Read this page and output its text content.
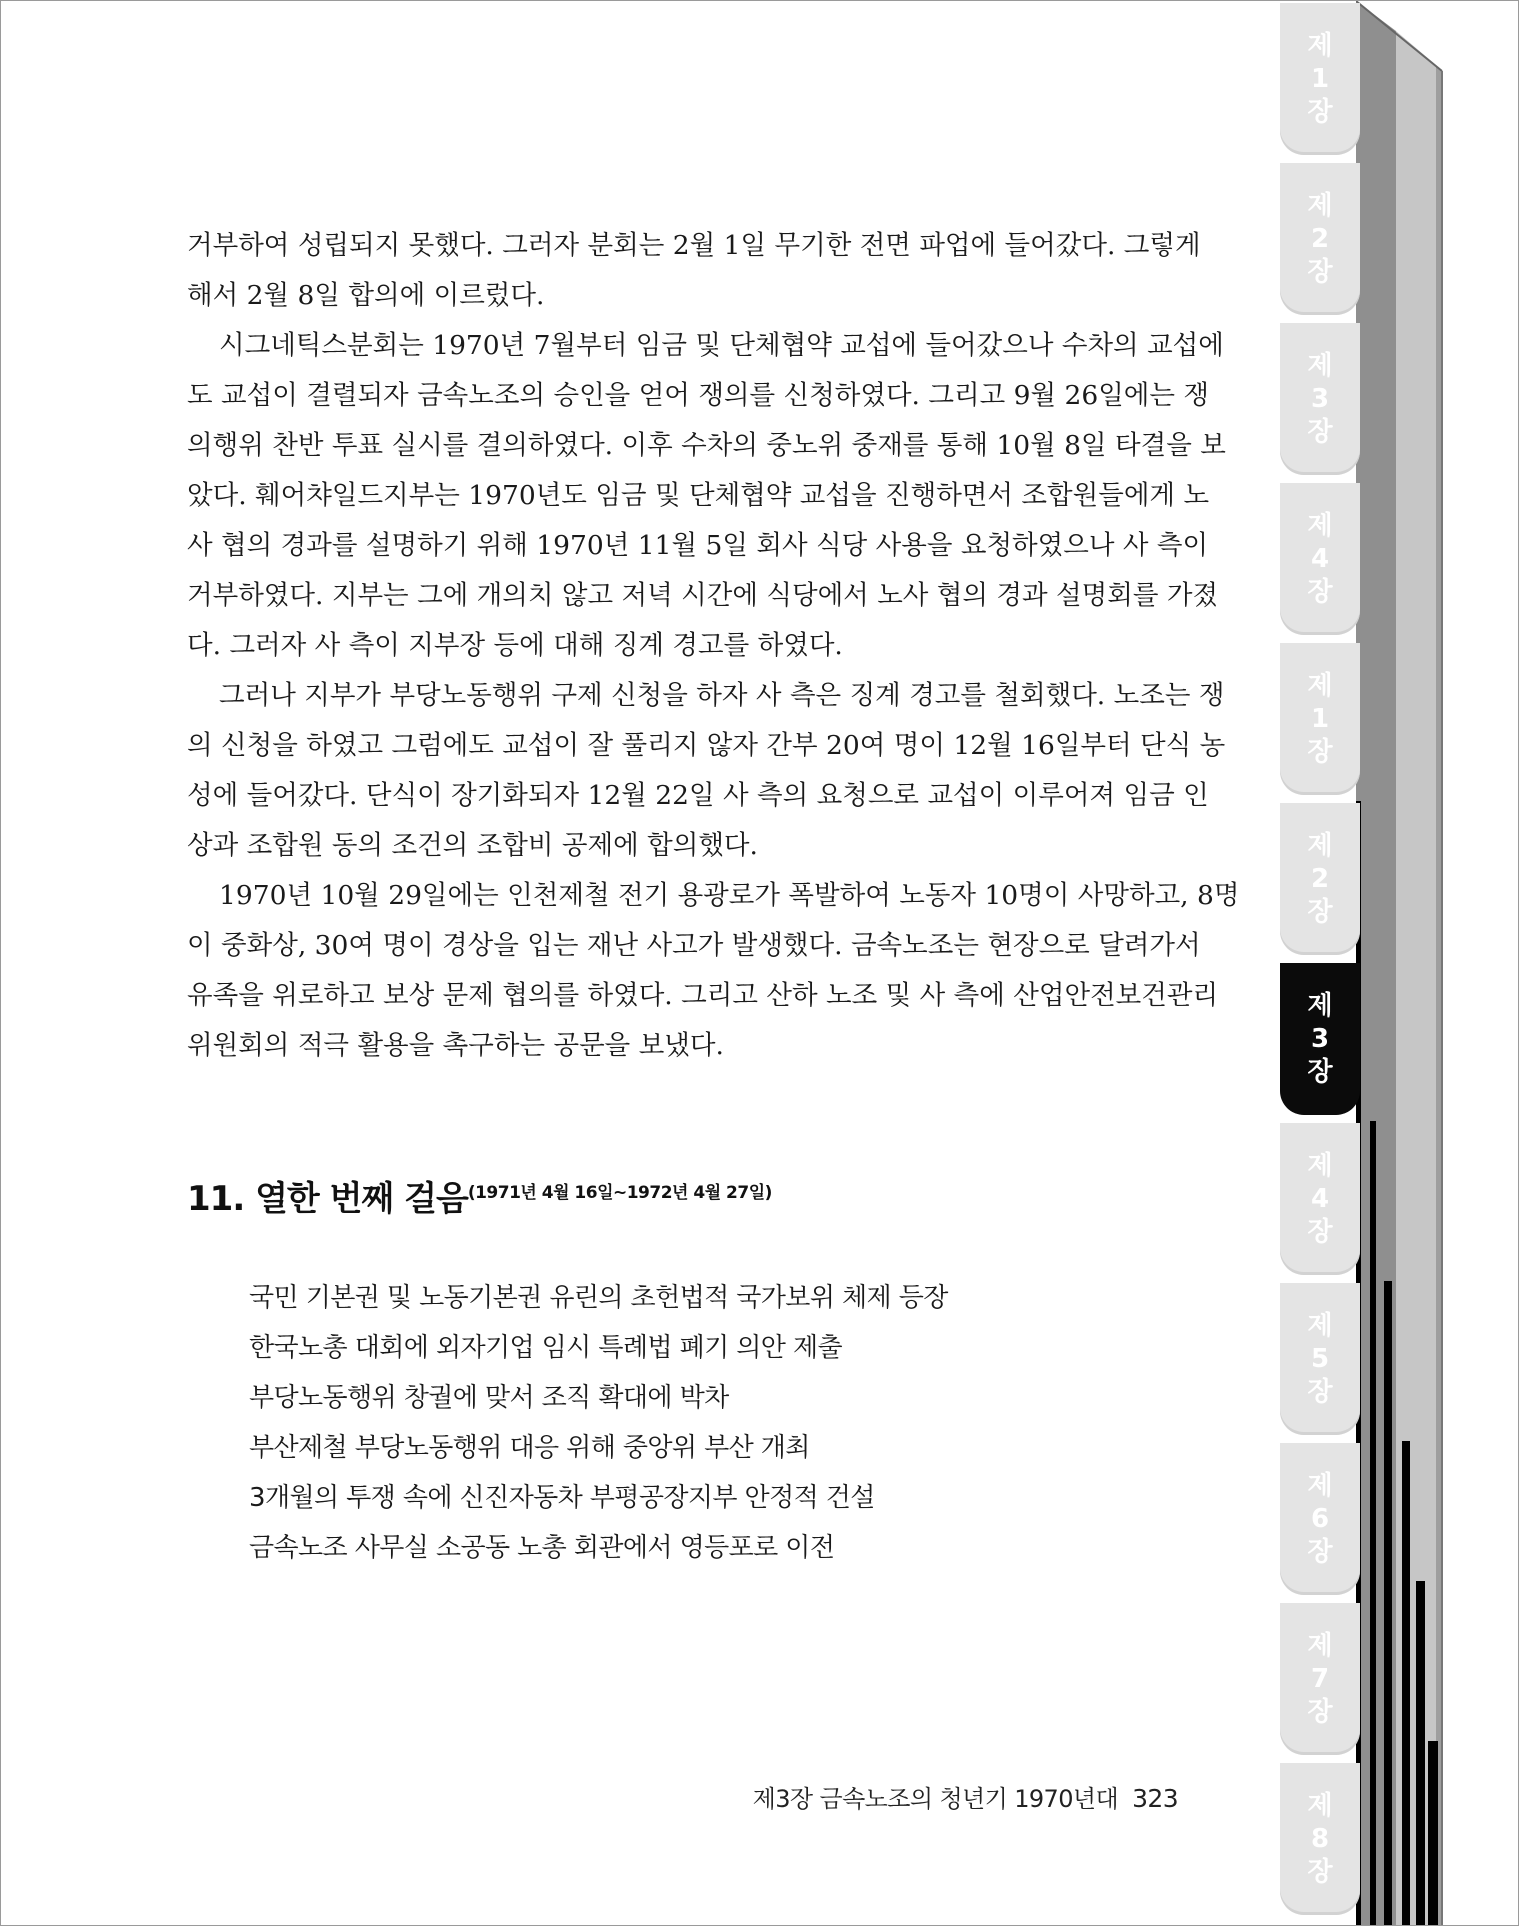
제
1
장
제
2
장
제
3
장
제
4
장
제
1
장
제
2
장
제
3
장
제
4
장
제
5
장
제
6
장
제
7
장
제
8
장
거부하여 성립되지 못했다. 그러자 분회는 2월 1일 무기한 전면 파업에 들어갔다. 그렇게
해서 2월 8일 합의에 이르렀다.
시그네틱스분회는 1970년 7월부터 임금 및 단체협약 교섭에 들어갔으나 수차의 교섭에
도 교섭이 결렬되자 금속노조의 승인을 얻어 쟁의를 신청하였다. 그리고 9월 26일에는 쟁
의행위 찬반 투표 실시를 결의하였다. 이후 수차의 중노위 중재를 통해 10월 8일 타결을 보
았다. 훼어챠일드지부는 1970년도 임금 및 단체협약 교섭을 진행하면서 조합원들에게 노
사 협의 경과를 설명하기 위해 1970년 11월 5일 회사 식당 사용을 요청하였으나 사 측이
거부하였다. 지부는 그에 개의치 않고 저녁 시간에 식당에서 노사 협의 경과 설명회를 가졌
다. 그러자 사 측이 지부장 등에 대해 징계 경고를 하였다.
그러나 지부가 부당노동행위 구제 신청을 하자 사 측은 징계 경고를 철회했다. 노조는 쟁
의 신청을 하였고 그럼에도 교섭이 잘 풀리지 않자 간부 20여 명이 12월 16일부터 단식 농
성에 들어갔다. 단식이 장기화되자 12월 22일 사 측의 요청으로 교섭이 이루어져 임금 인
상과 조합원 동의 조건의 조합비 공제에 합의했다.
1970년 10월 29일에는 인천제철 전기 용광로가 폭발하여 노동자 10명이 사망하고, 8명
이 중화상, 30여 명이 경상을 입는 재난 사고가 발생했다. 금속노조는 현장으로 달려가서
유족을 위로하고 보상 문제 협의를 하였다. 그리고 산하 노조 및 사 측에 산업안전보건관리
위원회의 적극 활용을 촉구하는 공문을 보냈다.
11. 열한 번째 걸음(1971년 4월 16일~1972년 4월 27일)
국민 기본권 및 노동기본권 유린의 초헌법적 국가보위 체제 등장
한국노총 대회에 외자기업 임시 특례법 폐기 의안 제출
부당노동행위 창궐에 맞서 조직 확대에 박차
부산제철 부당노동행위 대응 위해 중앙위 부산 개최
3개월의 투쟁 속에 신진자동차 부평공장지부 안정적 건설
금속노조 사무실 소공동 노총 회관에서 영등포로 이전
제3장 금속노조의 청년기 1970년대 323
